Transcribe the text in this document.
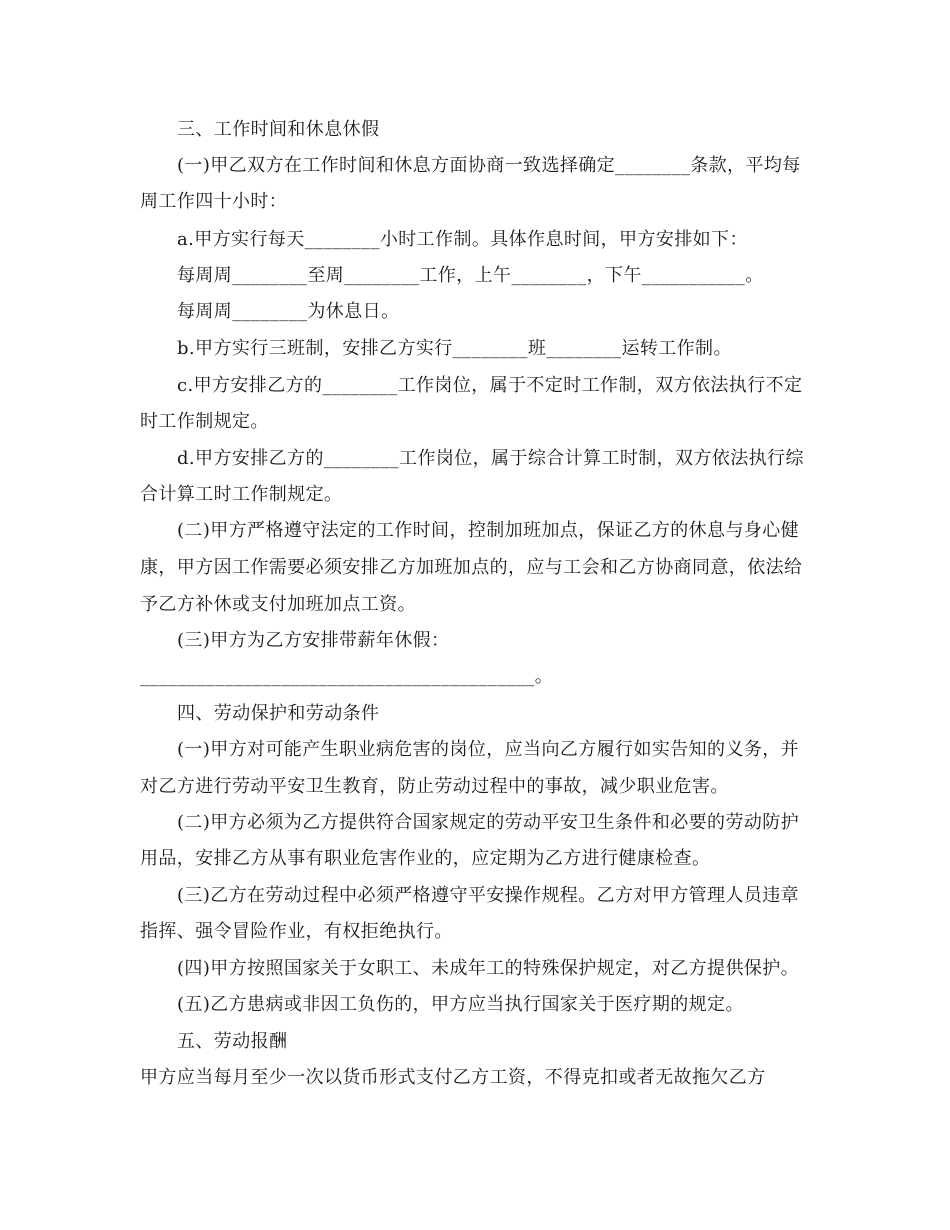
三、工作时间和休息休假
(一)甲乙双方在工作时间和休息方面协商一致选择确定________条款，平均每
周工作四十小时：
a.甲方实行每天________小时工作制。具体作息时间，甲方安排如下：
每周周________至周________工作，上午________，下午___________。
每周周________为休息日。
b.甲方实行三班制，安排乙方实行________班________运转工作制。
c.甲方安排乙方的________工作岗位，属于不定时工作制，双方依法执行不定
时工作制规定。
d.甲方安排乙方的________工作岗位，属于综合计算工时制，双方依法执行综
合计算工时工作制规定。
(二)甲方严格遵守法定的工作时间，控制加班加点，保证乙方的休息与身心健
康，甲方因工作需要必须安排乙方加班加点的，应与工会和乙方协商同意，依法给
予乙方补休或支付加班加点工资。
(三)甲方为乙方安排带薪年休假：
__________________________________________。
四、劳动保护和劳动条件
(一)甲方对可能产生职业病危害的岗位，应当向乙方履行如实告知的义务，并
对乙方进行劳动平安卫生教育，防止劳动过程中的事故，减少职业危害。
(二)甲方必须为乙方提供符合国家规定的劳动平安卫生条件和必要的劳动防护
用品，安排乙方从事有职业危害作业的，应定期为乙方进行健康检查。
(三)乙方在劳动过程中必须严格遵守平安操作规程。乙方对甲方管理人员违章
指挥、强令冒险作业，有权拒绝执行。
(四)甲方按照国家关于女职工、未成年工的特殊保护规定，对乙方提供保护。
(五)乙方患病或非因工负伤的，甲方应当执行国家关于医疗期的规定。
五、劳动报酬
甲方应当每月至少一次以货币形式支付乙方工资，不得克扣或者无故拖欠乙方
